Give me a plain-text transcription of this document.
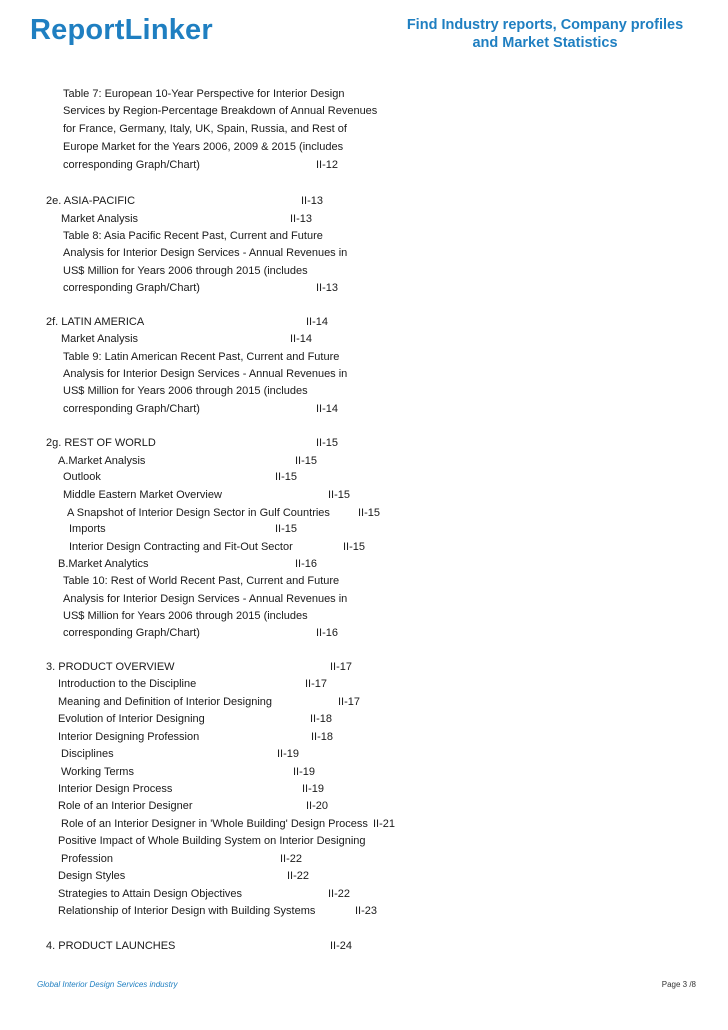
ReportLinker	Find Industry reports, Company profiles
and Market Statistics
Table 7: European 10-Year Perspective for Interior Design
Services by Region-Percentage Breakdown of Annual Revenues
for France, Germany, Italy, UK, Spain, Russia, and Rest of
Europe Market for the Years 2006, 2009 & 2015 (includes
corresponding Graph/Chart)	II-12
2e. ASIA-PACIFIC	II-13
Market Analysis	II-13
Table 8: Asia Pacific Recent Past, Current and Future
Analysis for Interior Design Services - Annual Revenues in
US$ Million for Years 2006 through 2015 (includes
corresponding Graph/Chart)	II-13
2f. LATIN AMERICA	II-14
Market Analysis	II-14
Table 9: Latin American Recent Past, Current and Future
Analysis for Interior Design Services - Annual Revenues in
US$ Million for Years 2006 through 2015 (includes
corresponding Graph/Chart)	II-14
2g. REST OF WORLD	II-15
A.Market Analysis	II-15
Outlook	II-15
Middle Eastern Market Overview	II-15
A Snapshot of Interior Design Sector in Gulf Countries	II-15
Imports	II-15
Interior Design Contracting and Fit-Out Sector	II-15
B.Market Analytics	II-16
Table 10: Rest of World Recent Past, Current and Future
Analysis for Interior Design Services - Annual Revenues in
US$ Million for Years 2006 through 2015 (includes
corresponding Graph/Chart)	II-16
3. PRODUCT OVERVIEW	II-17
Introduction to the Discipline	II-17
Meaning and Definition of Interior Designing	II-17
Evolution of Interior Designing	II-18
Interior Designing Profession	II-18
Disciplines	II-19
Working Terms	II-19
Interior Design Process	II-19
Role of an Interior Designer	II-20
Role of an Interior Designer in 'Whole Building' Design Process II-21
Positive Impact of Whole Building System on Interior Designing
Profession	II-22
Design Styles	II-22
Strategies to Attain Design Objectives	II-22
Relationship of Interior Design with Building Systems	II-23
4. PRODUCT LAUNCHES	II-24
Global Interior Design Services industry	Page 3 /8
